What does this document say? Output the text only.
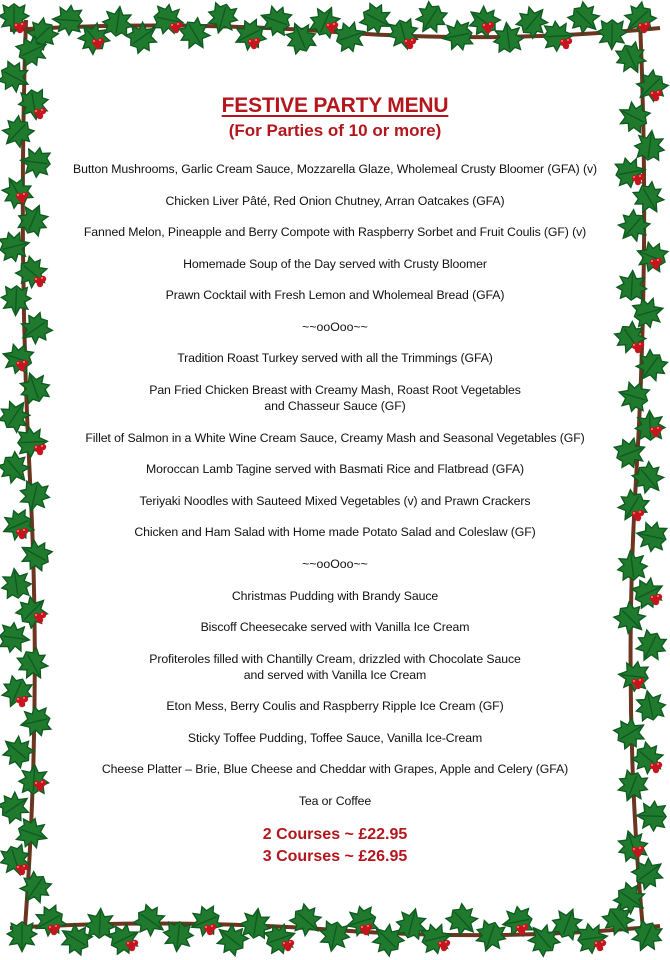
FESTIVE PARTY MENU
(For Parties of 10 or more)
Button Mushrooms, Garlic Cream Sauce, Mozzarella Glaze, Wholemeal Crusty Bloomer (GFA) (v)
Chicken Liver Pâté, Red Onion Chutney, Arran Oatcakes (GFA)
Fanned Melon, Pineapple and Berry Compote with Raspberry Sorbet and Fruit Coulis (GF) (v)
Homemade Soup of the Day served with Crusty Bloomer
Prawn Cocktail with Fresh Lemon and Wholemeal Bread (GFA)
~~ooOoo~~
Tradition Roast Turkey served with all the Trimmings (GFA)
Pan Fried Chicken Breast with Creamy Mash, Roast Root Vegetables
and Chasseur Sauce (GF)
Fillet of Salmon in a White Wine Cream Sauce, Creamy Mash and Seasonal Vegetables (GF)
Moroccan Lamb Tagine served with Basmati Rice and Flatbread (GFA)
Teriyaki Noodles with Sauteed Mixed Vegetables (v) and Prawn Crackers
Chicken and Ham Salad with Home made Potato Salad and Coleslaw (GF)
~~ooOoo~~
Christmas Pudding with Brandy Sauce
Biscoff Cheesecake served with Vanilla Ice Cream
Profiteroles filled with Chantilly Cream, drizzled with Chocolate Sauce
and served with Vanilla Ice Cream
Eton Mess, Berry Coulis and Raspberry Ripple Ice Cream (GF)
Sticky Toffee Pudding, Toffee Sauce, Vanilla Ice-Cream
Cheese Platter – Brie, Blue Cheese and Cheddar with Grapes, Apple and Celery (GFA)
Tea or Coffee
2 Courses ~ £22.95
3 Courses ~ £26.95
